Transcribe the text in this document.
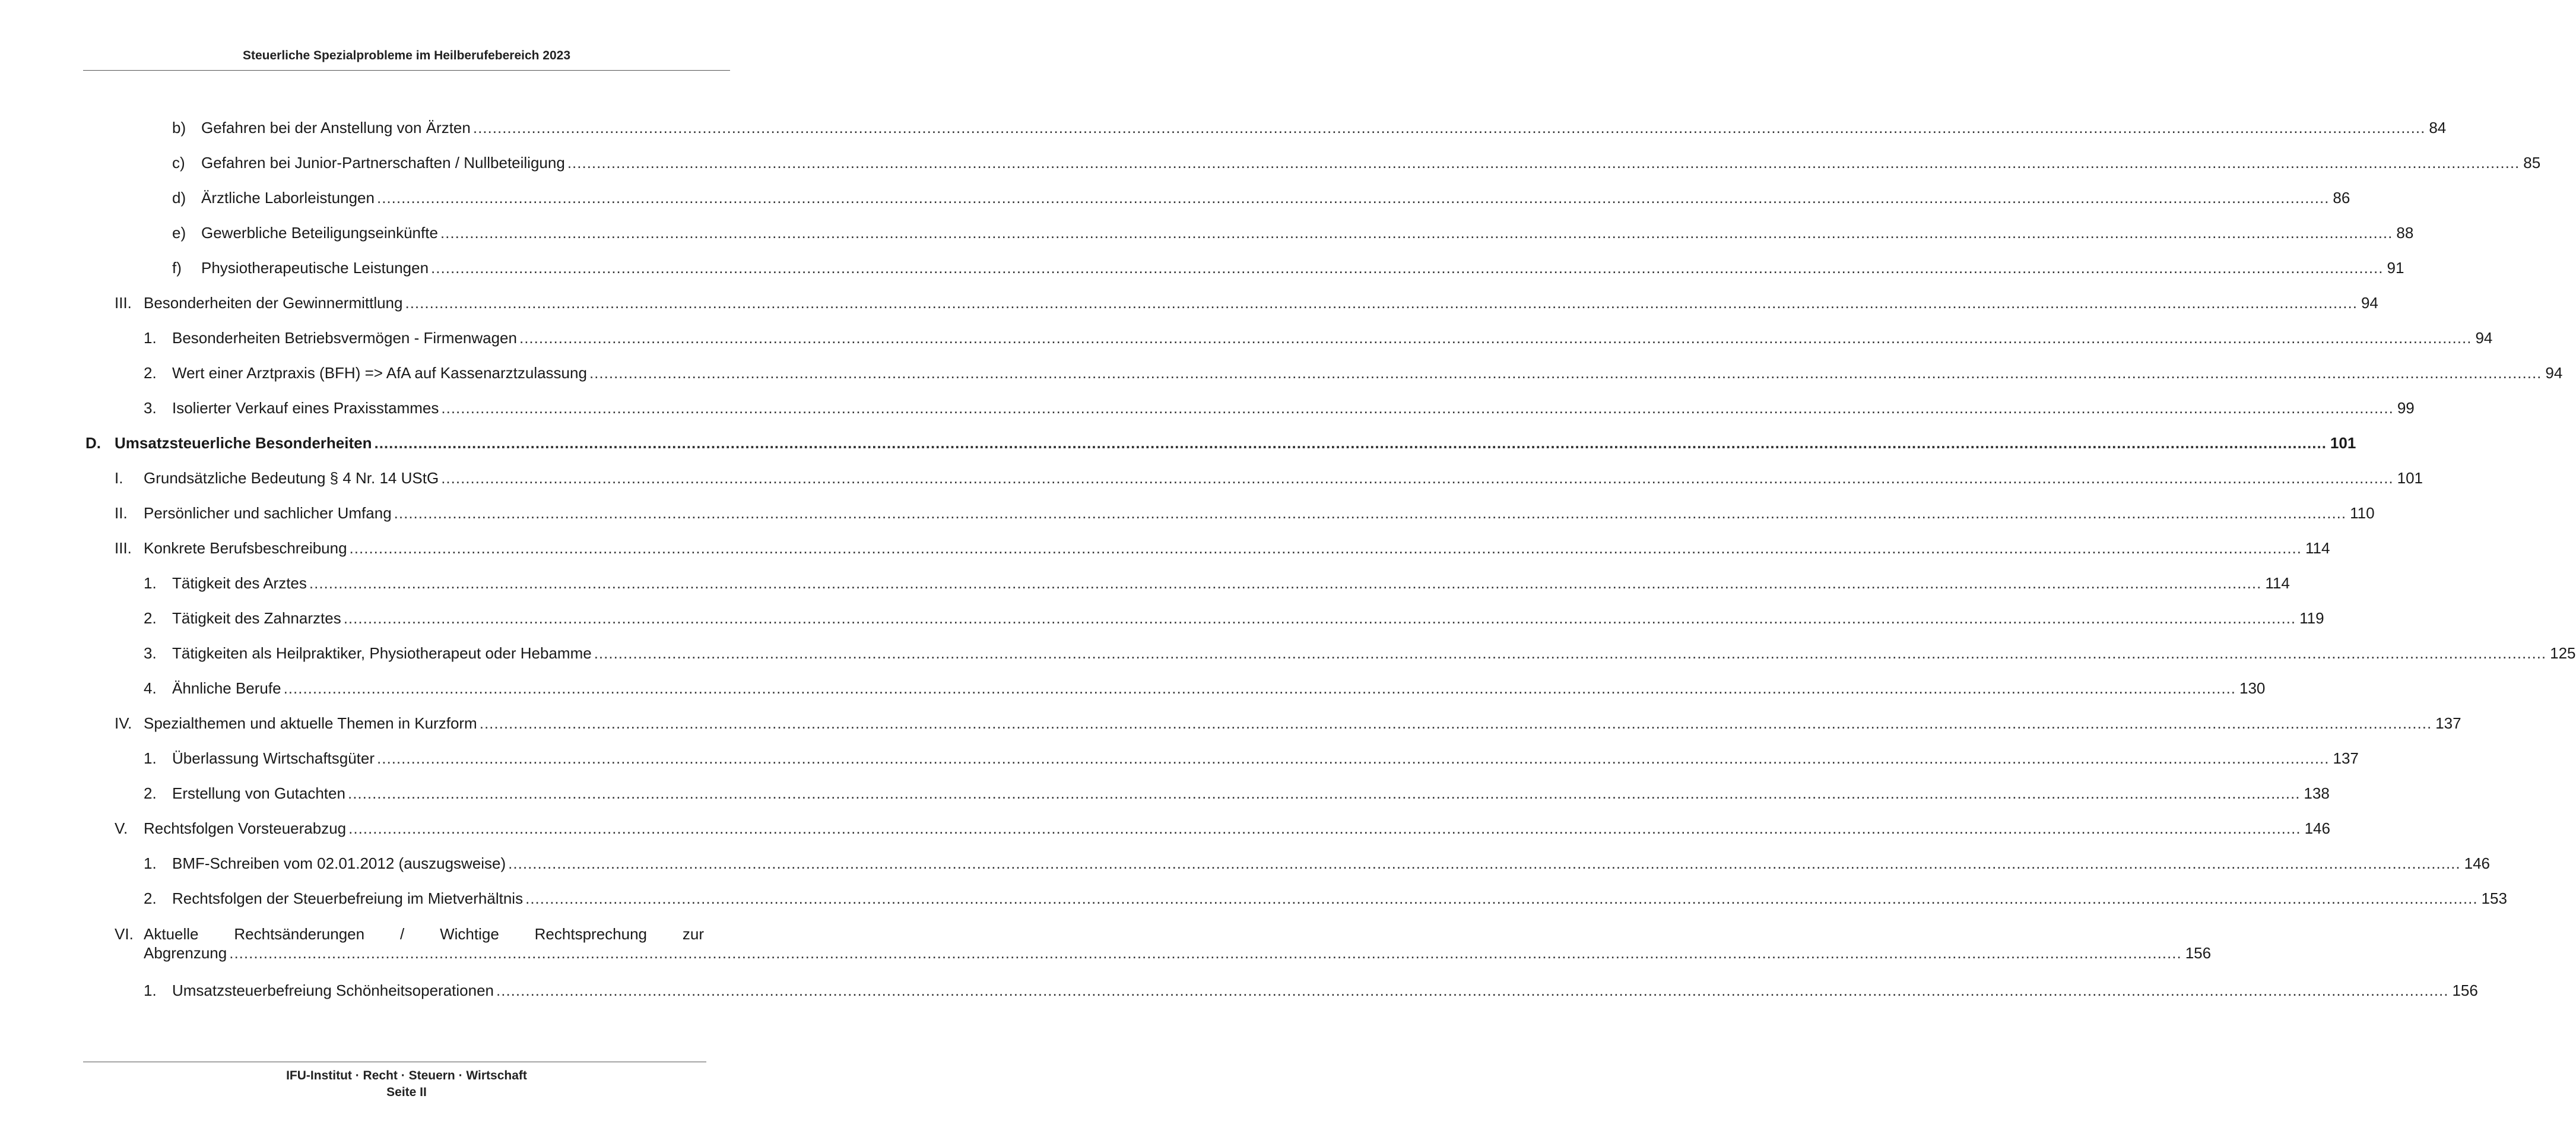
Steuerliche Spezialprobleme im Heilberufebereich 2023
b) Gefahren bei der Anstellung von Ärzten ................................................................................................................................................................................................................................................................................................................................................................................................................ 84
c) Gefahren bei Junior-Partnerschaften / Nullbeteiligung ................................................................................................................................................................................................................................................................................................................................................................................................................ 85
d) Ärztliche Laborleistungen ................................................................................................................................................................................................................................................................................................................................................................................................................ 86
e) Gewerbliche Beteiligungseinkünfte ................................................................................................................................................................................................................................................................................................................................................................................................................ 88
f) Physiotherapeutische Leistungen ................................................................................................................................................................................................................................................................................................................................................................................................................ 91
III. Besonderheiten der Gewinnermittlung ................................................................................................................................................................................................................................................................................................................................................................................................................ 94
1. Besonderheiten Betriebsvermögen - Firmenwagen ................................................................................................................................................................................................................................................................................................................................................................................................................ 94
2. Wert einer Arztpraxis (BFH) => AfA auf Kassenarztzulassung ................................................................................................................................................................................................................................................................................................................................................................................................................ 94
3. Isolierter Verkauf eines Praxisstammes ................................................................................................................................................................................................................................................................................................................................................................................................................ 99
D. Umsatzsteuerliche Besonderheiten ................................................................................................................................................................................................................................................................................................................................................................................................................ 101
I. Grundsätzliche Bedeutung § 4 Nr. 14 UStG ................................................................................................................................................................................................................................................................................................................................................................................................................ 101
II. Persönlicher und sachlicher Umfang ................................................................................................................................................................................................................................................................................................................................................................................................................ 110
III. Konkrete Berufsbeschreibung ................................................................................................................................................................................................................................................................................................................................................................................................................ 114
1. Tätigkeit des Arztes ................................................................................................................................................................................................................................................................................................................................................................................................................ 114
2. Tätigkeit des Zahnarztes ................................................................................................................................................................................................................................................................................................................................................................................................................ 119
3. Tätigkeiten als Heilpraktiker, Physiotherapeut oder Hebamme ................................................................................................................................................................................................................................................................................................................................................................................................................ 125
4. Ähnliche Berufe ................................................................................................................................................................................................................................................................................................................................................................................................................ 130
IV. Spezialthemen und aktuelle Themen in Kurzform ................................................................................................................................................................................................................................................................................................................................................................................................................ 137
1. Überlassung Wirtschaftsgüter ................................................................................................................................................................................................................................................................................................................................................................................................................ 137
2. Erstellung von Gutachten ................................................................................................................................................................................................................................................................................................................................................................................................................ 138
V. Rechtsfolgen Vorsteuerabzug ................................................................................................................................................................................................................................................................................................................................................................................................................ 146
1. BMF-Schreiben vom 02.01.2012 (auszugsweise) ................................................................................................................................................................................................................................................................................................................................................................................................................ 146
2. Rechtsfolgen der Steuerbefreiung im Mietverhältnis ................................................................................................................................................................................................................................................................................................................................................................................................................ 153
VI. Aktuelle Rechtsänderungen / Wichtige Rechtsprechung zur
Abgrenzung ................................................................................................................................................................................................................................................................................................................................................................................................................ 156
1. Umsatzsteuerbefreiung Schönheitsoperationen ................................................................................................................................................................................................................................................................................................................................................................................................................ 156
IFU-Institut · Recht · Steuern · Wirtschaft
Seite II
